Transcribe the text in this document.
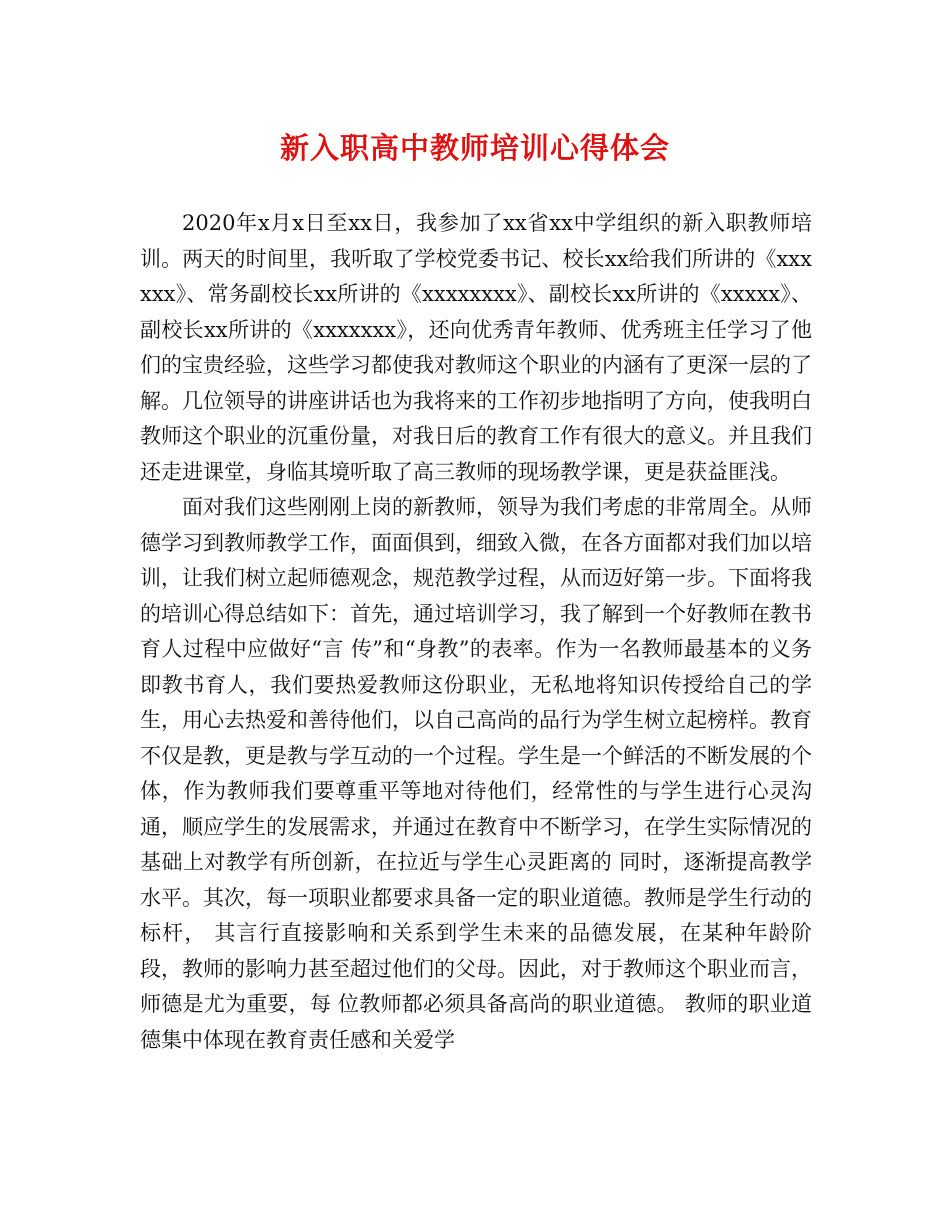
新入职高中教师培训心得体会

2020年x月x日至xx日，我参加了xx省xx中学组织的新入职教师培训。两天的时间里，我听取了学校党委书记、校长xx给我们所讲的《xxxxxx》、常务副校长xx所讲的《xxxxxxxx》、副校长xx所讲的《xxxxx》、副校长xx所讲的《xxxxxxx》，还向优秀青年教师、优秀班主任学习了他们的宝贵经验，这些学习都使我对教师这个职业的内涵有了更深一层的了解。几位领导的讲座讲话也为我将来的工作初步地指明了方向，使我明白教师这个职业的沉重份量，对我日后的教育工作有很大的意义。并且我们还走进课堂，身临其境听取了高三教师的现场教学课，更是获益匪浅。

面对我们这些刚刚上岗的新教师，领导为我们考虑的非常周全。从师德学习到教师教学工作，面面俱到，细致入微，在各方面都对我们加以培训，让我们树立起师德观念，规范教学过程，从而迈好第一步。下面将我 的培训心得总结如下：首先，通过培训学习，我了解到一个好教师在教书育人过程中应做好“言 传”和“身教”的表率。作为一名教师最基本的义务即教书育人，我们要热爱教师这份职业，无私地将知识传授给自己的学生，用心去热爱和善待他们，以自己高尚的品行为学生树立起榜样。教育不仅是教，更是教与学互动的一个过程。学生是一个鲜活的不断发展的个体，作为教师我们要尊重平等地对待他们，经常性的与学生进行心灵沟通，顺应学生的发展需求，并通过在教育中不断学习，在学生实际情况的基础上对教学有所创新，在拉近与学生心灵距离的 同时，逐渐提高教学水平。其次，每一项职业都要求具备一定的职业道德。教师是学生行动的标杆， 其言行直接影响和关系到学生未来的品德发展，在某种年龄阶段，教师的影响力甚至超过他们的父母。因此，对于教师这个职业而言，师德是尤为重要，每 位教师都必须具备高尚的职业道德。 教师的职业道德集中体现在教育责任感和关爱学
